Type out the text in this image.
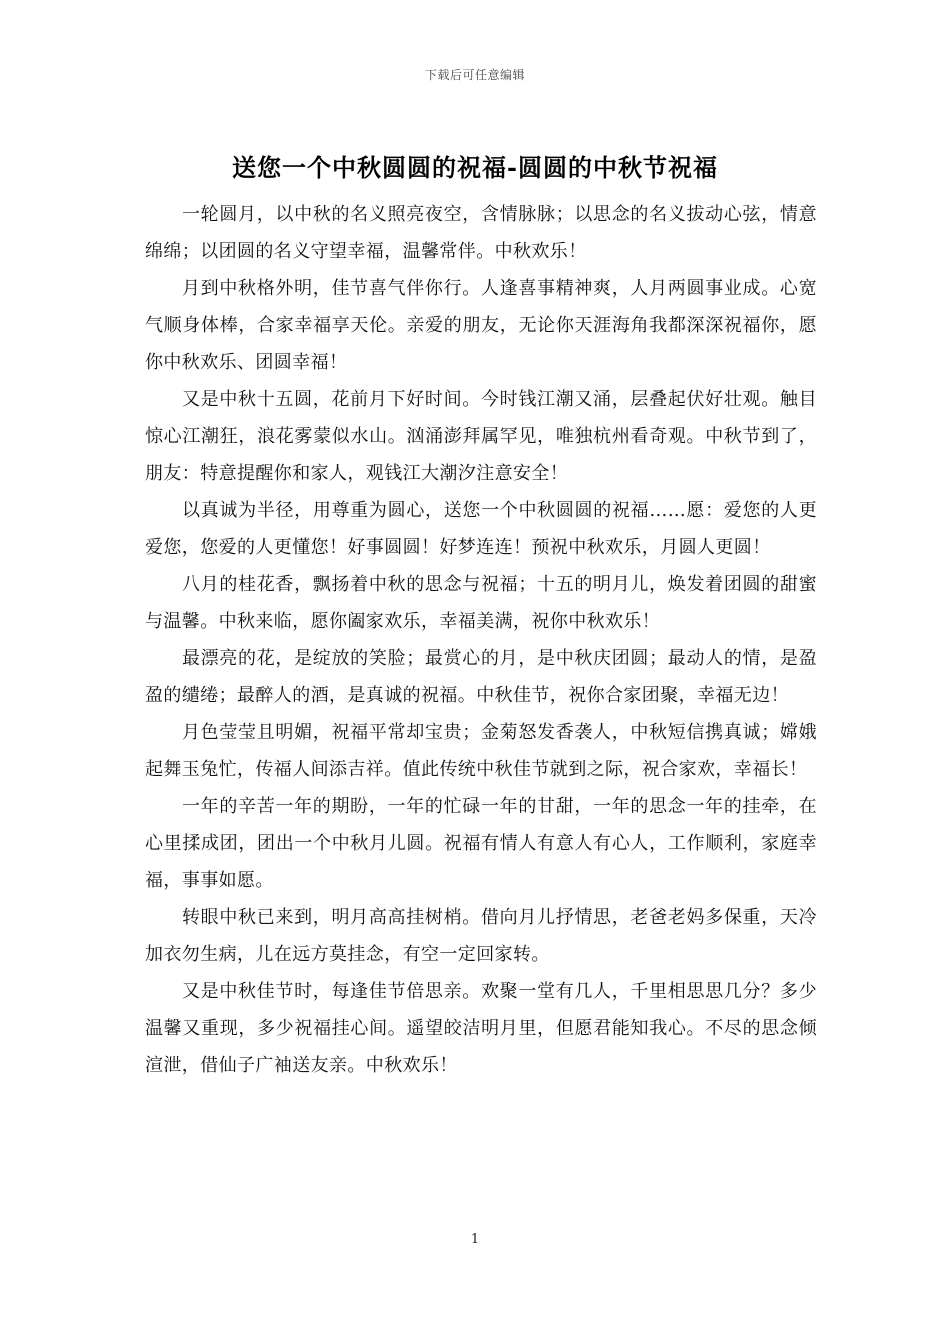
下载后可任意编辑
送您一个中秋圆圆的祝福-圆圆的中秋节祝福

一轮圆月，以中秋的名义照亮夜空，含情脉脉；以思念的名义拔动心弦，情意绵绵；以团圆的名义守望幸福，温馨常伴。中秋欢乐！

月到中秋格外明，佳节喜气伴你行。人逢喜事精神爽，人月两圆事业成。心宽气顺身体棒，合家幸福享天伦。亲爱的朋友，无论你天涯海角我都深深祝福你，愿你中秋欢乐、团圆幸福！

又是中秋十五圆，花前月下好时间。今时钱江潮又涌，层叠起伏好壮观。触目惊心江潮狂，浪花雾蒙似水山。汹涌澎拜属罕见，唯独杭州看奇观。中秋节到了，朋友：特意提醒你和家人，观钱江大潮汐注意安全！

以真诚为半径，用尊重为圆心，送您一个中秋圆圆的祝福……愿：爱您的人更爱您，您爱的人更懂您！好事圆圆！好梦连连！预祝中秋欢乐，月圆人更圆！

八月的桂花香，飘扬着中秋的思念与祝福；十五的明月儿，焕发着团圆的甜蜜与温馨。中秋来临，愿你阖家欢乐，幸福美满，祝你中秋欢乐！

最漂亮的花，是绽放的笑脸；最赏心的月，是中秋庆团圆；最动人的情，是盈盈的缱绻；最醉人的酒，是真诚的祝福。中秋佳节，祝你合家团聚，幸福无边！

月色莹莹且明媚，祝福平常却宝贵；金菊怒发香袭人，中秋短信携真诚；嫦娥起舞玉兔忙，传福人间添吉祥。值此传统中秋佳节就到之际，祝合家欢，幸福长！

一年的辛苦一年的期盼，一年的忙碌一年的甘甜，一年的思念一年的挂牵，在心里揉成团，团出一个中秋月儿圆。祝福有情人有意人有心人，工作顺利，家庭幸福，事事如愿。

转眼中秋已来到，明月高高挂树梢。借向月儿抒情思，老爸老妈多保重，天冷加衣勿生病，儿在远方莫挂念，有空一定回家转。

又是中秋佳节时，每逢佳节倍思亲。欢聚一堂有几人，千里相思思几分？多少温馨又重现，多少祝福挂心间。遥望皎洁明月里，但愿君能知我心。不尽的思念倾渲泄，借仙子广袖送友亲。中秋欢乐！

1
